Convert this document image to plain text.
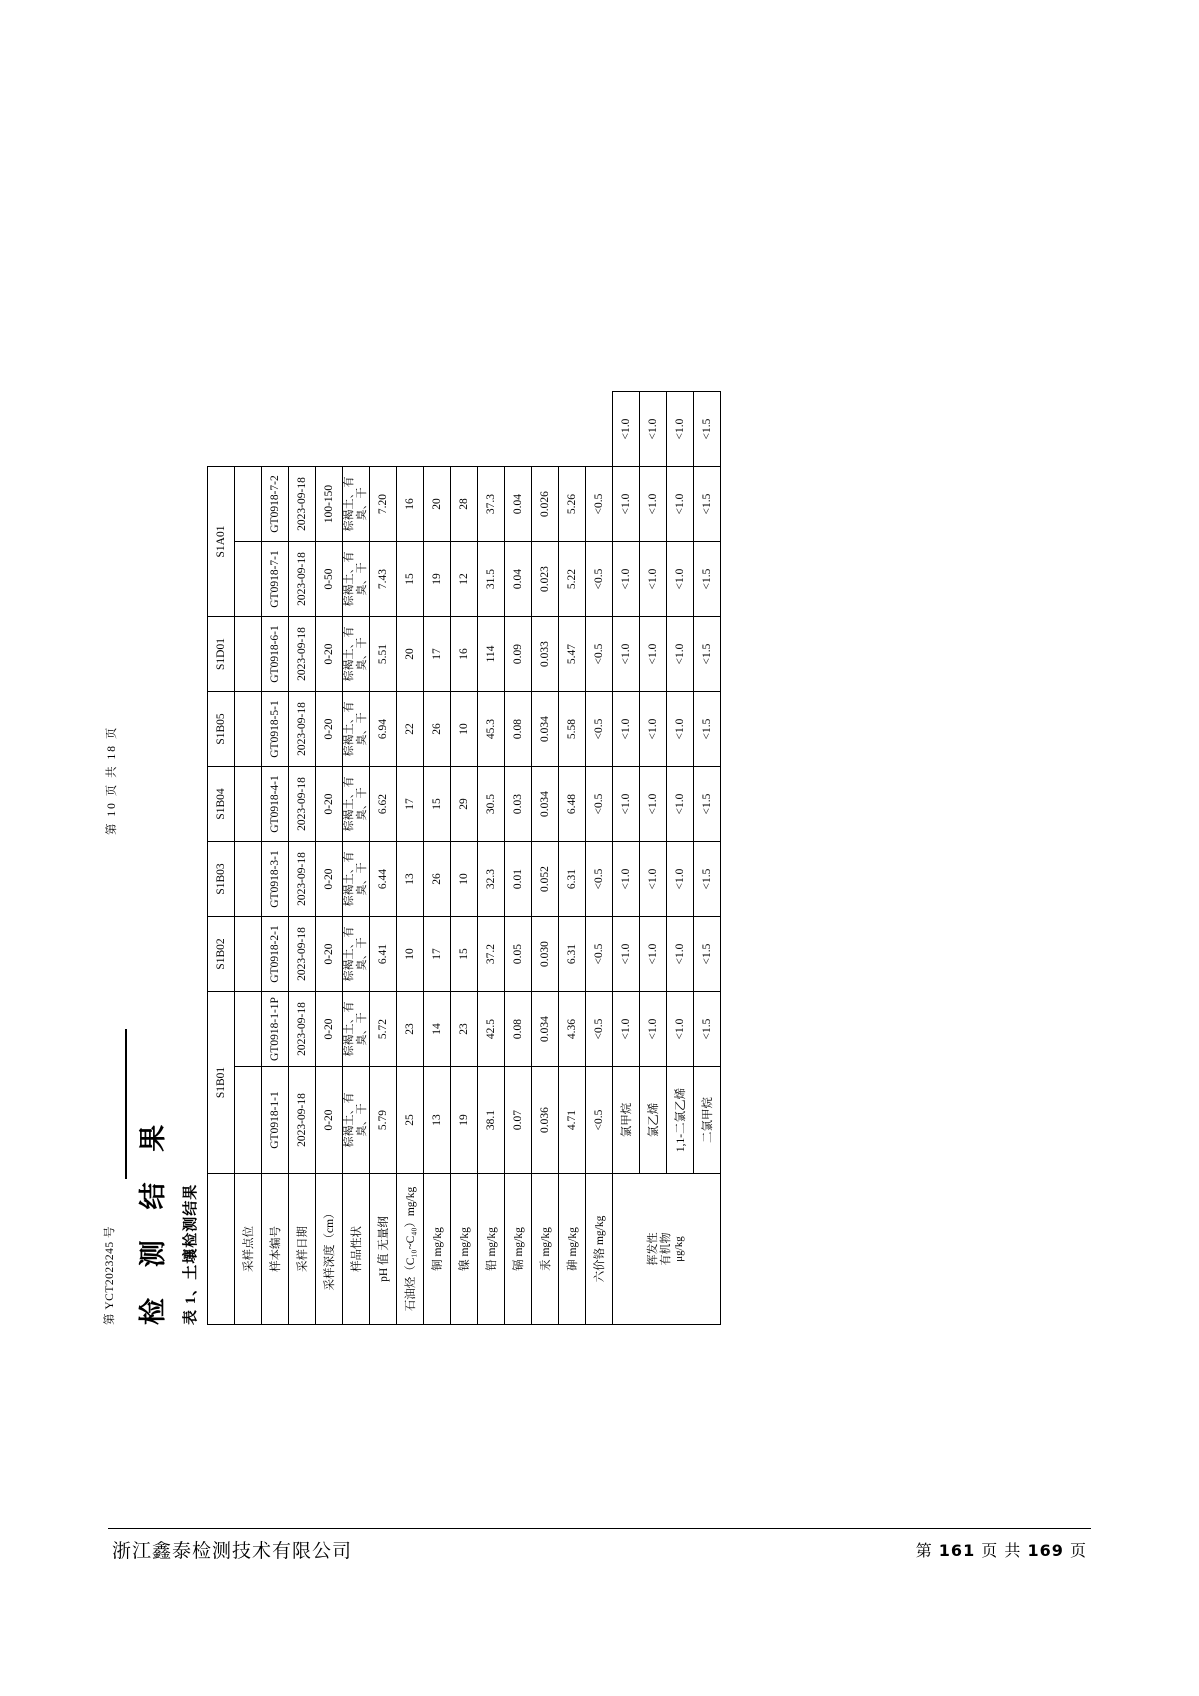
第 YCT2023245 号
第 10 页 共 18 页
检 测 结 果 表 1、土壤检测结果
	S1B01		S1B02	S1B03	S1B04	S1B05	S1D01	S1A01		
采样点位										
样本编号	GT0918-1-1	GT0918-1-1P	GT0918-2-1	GT0918-3-1	GT0918-4-1	GT0918-5-1	GT0918-6-1	GT0918-7-1	GT0918-7-2	
采样日期	2023-09-18	2023-09-18	2023-09-18	2023-09-18	2023-09-18	2023-09-18	2023-09-18	2023-09-18	2023-09-18	
采样深度（cm）	0-20	0-20	0-20	0-20	0-20	0-20	0-20	0-50	100-150	
样品性状	棕褐土、有
臭、干	棕褐土、有
臭、干	棕褐土、有
臭、干	棕褐土、有
臭、干	棕褐土、有
臭、干	棕褐土、有
臭、干	棕褐土、有
臭、干	棕褐土、有
臭、干	棕褐土、有
臭、干	
pH 值 无量纲	5.79	5.72	6.41	6.44	6.62	6.94	5.51	7.43	7.20	
石油烃（C₁₀~C₄₀）mg/kg	25	23	10	13	17	22	20	15	16	
铜 mg/kg	13	14	17	26	15	26	17	19	20	
镍 mg/kg	19	23	15	10	29	10	16	12	28	
铅 mg/kg	38.1	42.5	37.2	32.3	30.5	45.3	114	31.5	37.3	
镉 mg/kg	0.07	0.08	0.05	0.01	0.03	0.08	0.09	0.04	0.04	
汞 mg/kg	0.036	0.034	0.030	0.052	0.034	0.034	0.033	0.023	0.026	
砷 mg/kg	4.71	4.36	6.31	6.31	6.48	5.58	5.47	5.22	5.26	
六价铬 mg/kg	<0.5	<0.5	<0.5	<0.5	<0.5	<0.5	<0.5	<0.5	<0.5	
挥发性
有机物
μg/kg	氯甲烷	<1.0	<1.0	<1.0	<1.0	<1.0	<1.0	<1.0	<1.0	<1.0
	氯乙烯	<1.0	<1.0	<1.0	<1.0	<1.0	<1.0	<1.0	<1.0	<1.0
	1,1-二氯乙烯	<1.0	<1.0	<1.0	<1.0	<1.0	<1.0	<1.0	<1.0	<1.0
	二氯甲烷	<1.5	<1.5	<1.5	<1.5	<1.5	<1.5	<1.5	<1.5	<1.5
浙江鑫泰检测技术有限公司	第 161 页 共 169 页
